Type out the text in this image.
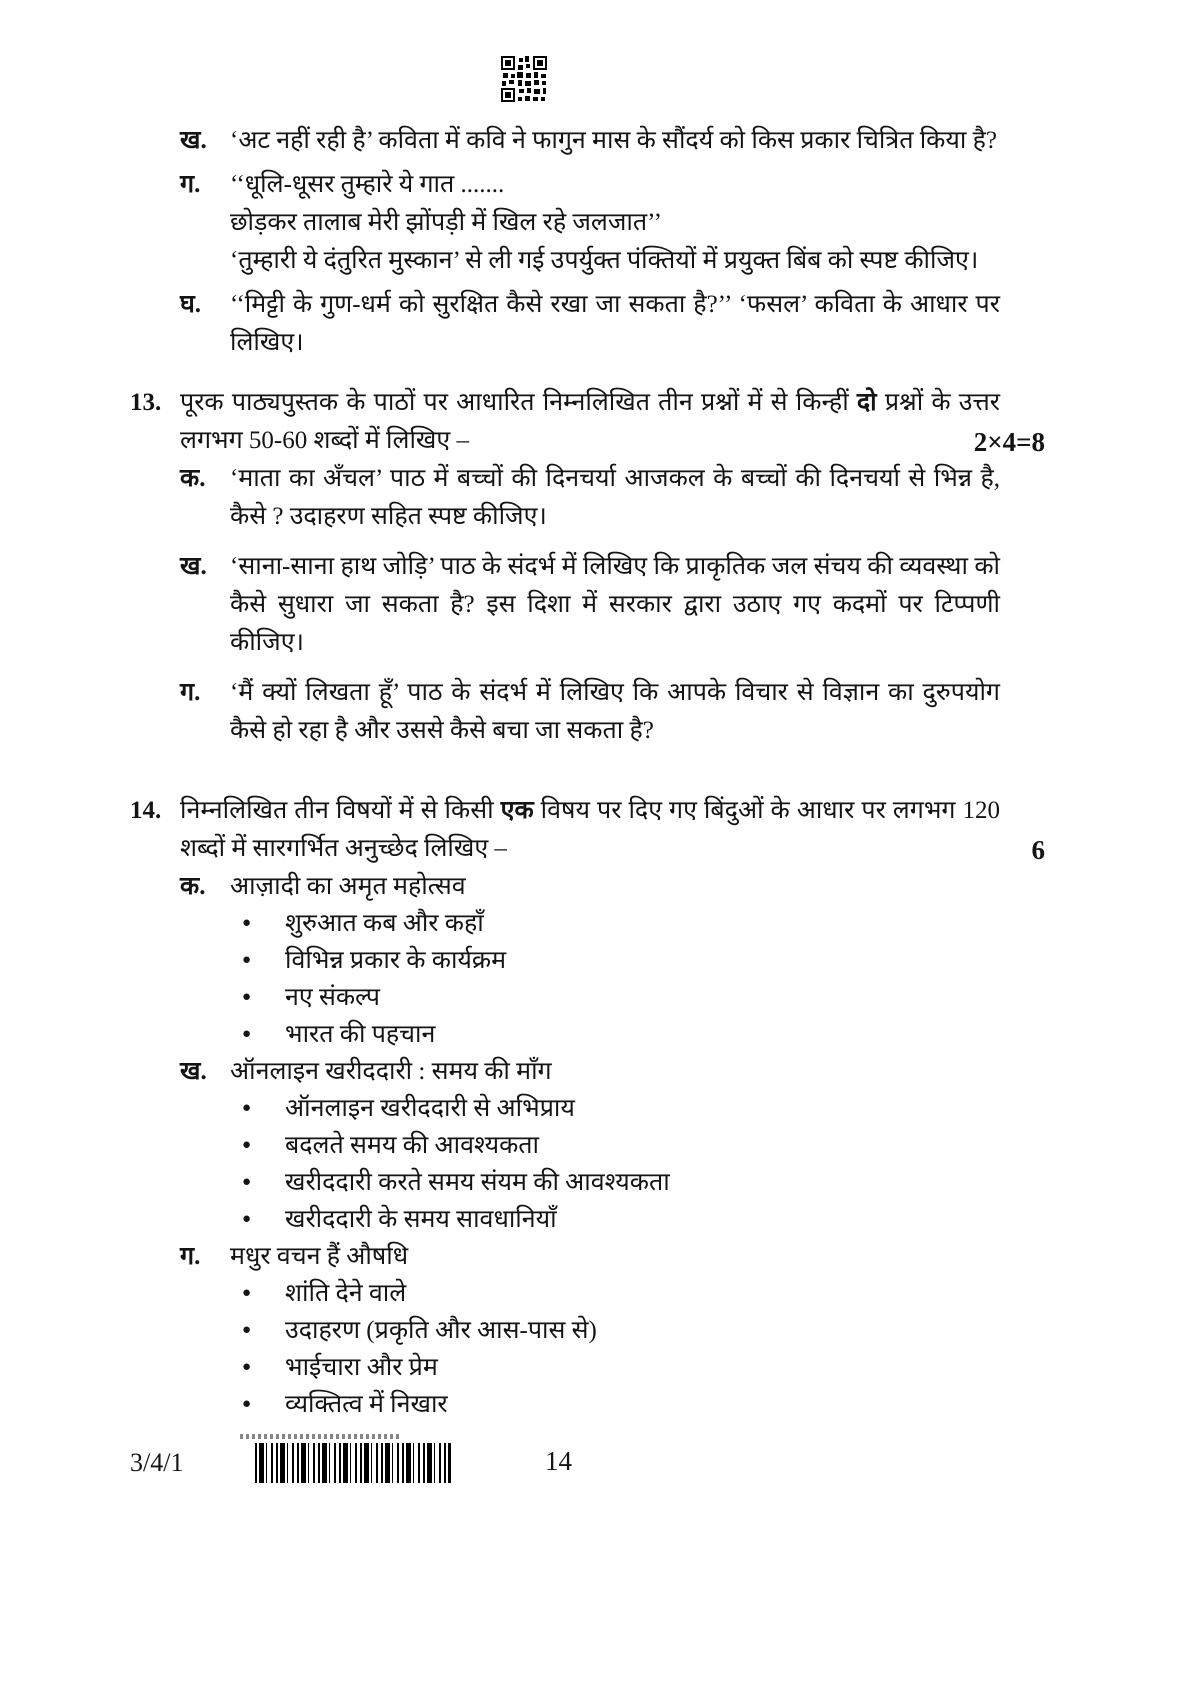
ख. ‘अट नहीं रही है’ कविता में कवि ने फागुन मास के सौंदर्य को किस प्रकार चित्रित किया है?
ग.	‘‘धूलि-धूसर तुम्हारे ये गात .......
छोड़कर तालाब मेरी झोंपड़ी में खिल रहे जलजात’’
‘तुम्हारी ये दंतुरित मुस्कान’ से ली गई उपर्युक्त पंक्तियों में प्रयुक्त बिंब को स्पष्ट कीजिए।
घ.	‘‘मिट्टी के गुण-धर्म को सुरक्षित कैसे रखा जा सकता है?’’ ‘फसल’ कविता के आधार पर लिखिए।
13. पूरक पाठ्यपुस्तक के पाठों पर आधारित निम्नलिखित तीन प्रश्नों में से किन्हीं दो प्रश्नों के उत्तर लगभग 50-60 शब्दों में लिखिए –
क. ‘माता का अँचल’ पाठ में बच्चों की दिनचर्या आजकल के बच्चों की दिनचर्या से भिन्न है, कैसे ? उदाहरण सहित स्पष्ट कीजिए।
ख. ‘साना-साना हाथ जोड़ि’ पाठ के संदर्भ में लिखिए कि प्राकृतिक जल संचय की व्यवस्था को कैसे सुधारा जा सकता है? इस दिशा में सरकार द्वारा उठाए गए कदमों पर टिप्पणी कीजिए।
ग.	‘मैं क्यों लिखता हूँ’ पाठ के संदर्भ में लिखिए कि आपके विचार से विज्ञान का दुरुपयोग कैसे हो रहा है और उससे कैसे बचा जा सकता है?
2×4=8
14. निम्नलिखित तीन विषयों में से किसी एक विषय पर दिए गए बिंदुओं के आधार पर लगभग 120 शब्दों में सारगर्भित अनुच्छेद लिखिए –
क. आज़ादी का अमृत महोत्सव
●	शुरुआत कब और कहाँ
●	विभिन्न प्रकार के कार्यक्रम
●	नए संकल्प
●	भारत की पहचान
ख. ऑनलाइन खरीददारी : समय की माँग
●	ऑनलाइन खरीददारी से अभिप्राय
●	बदलते समय की आवश्यकता
●	खरीददारी करते समय संयम की आवश्यकता
●	खरीददारी के समय सावधानियाँ
ग.	मधुर वचन हैं औषधि
●	शांति देने वाले
●	उदाहरण (प्रकृति और आस-पास से)
●	भाईचारा और प्रेम
●	व्यक्तित्व में निखार
6
3/4/1	14
